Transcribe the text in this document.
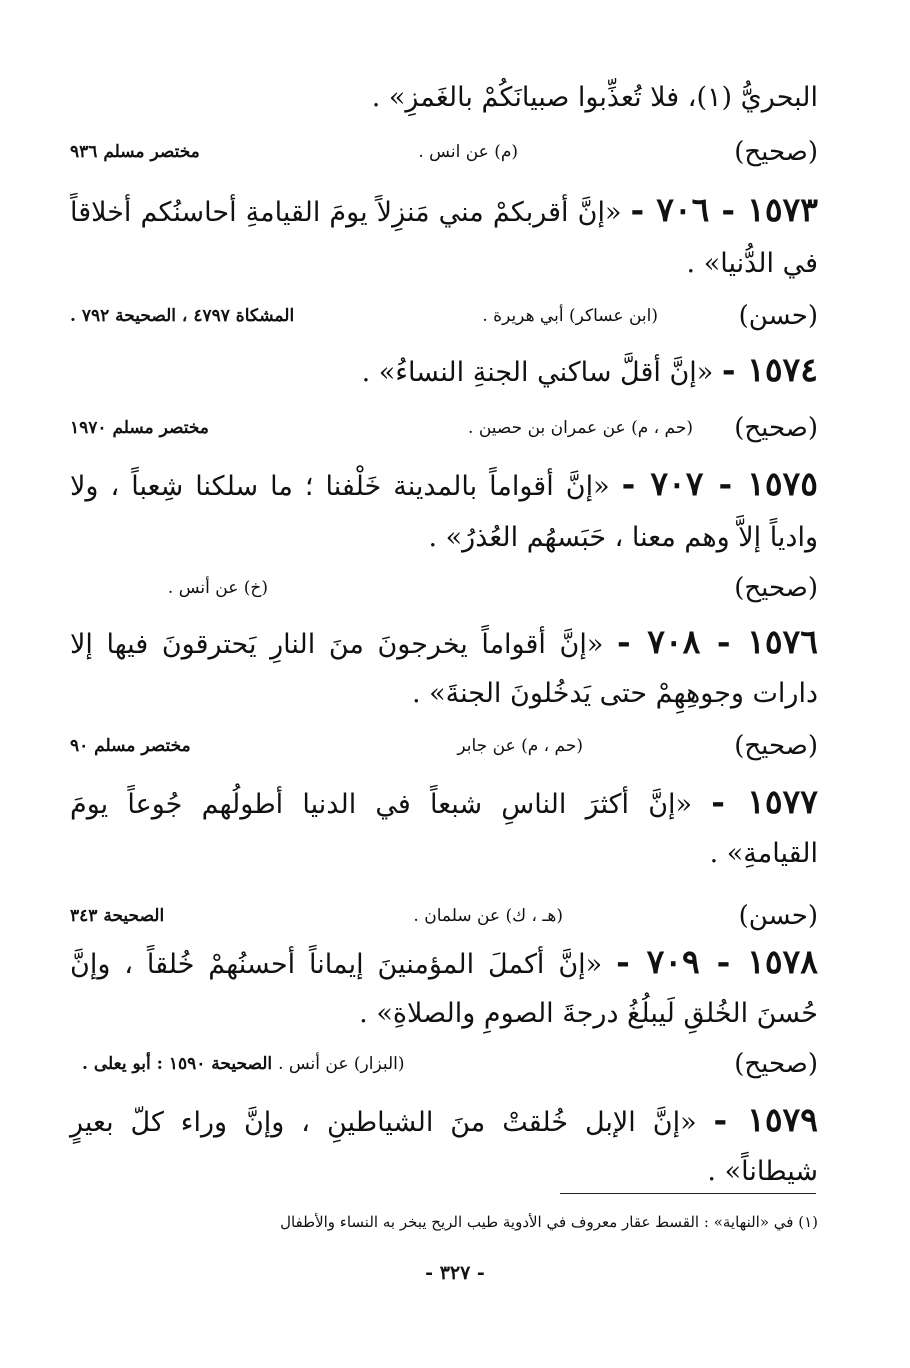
البحريُّ (١)، فلا تُعذِّبوا صبيانَكُمْ بالغَمزِ» .
(صحيح)
(م) عن انس .
مختصر مسلم ٩٣٦
١٥٧٣ - ٧٠٦ - «إنَّ أقربكمْ مني مَنزِلاً يومَ القيامةِ أحاسنُكم أخلاقاً
في الدُّنيا» .
(حسن)
(ابن عساكر) أبي هريرة .
المشكاة ٤٧٩٧ ، الصحيحة ٧٩٢ .
١٥٧٤ - «إنَّ أقلَّ ساكني الجنةِ النساءُ» .
(صحيح)
(حم ، م) عن عمران بن حصين .
مختصر مسلم ١٩٧٠
١٥٧٥ - ٧٠٧ - «إنَّ أقواماً بالمدينة خَلْفنا ؛ ما سلكنا شِعباً ، ولا
وادياً إلاَّ وهم معنا ، حَبَسهُم العُذرُ» .
(صحيح)
(خ) عن أنس .
١٥٧٦ - ٧٠٨ - «إنَّ أقواماً يخرجونَ منَ النارِ يَحترقونَ فيها إلا
دارات وجوهِهِمْ حتى يَدخُلونَ الجنةَ» .
(صحيح)
(حم ، م) عن جابر
مختصر مسلم ٩٠
١٥٧٧ - «إنَّ أكثرَ الناسِ شبعاً في الدنيا أطولُهم جُوعاً يومَ
القيامةِ» .
(حسن)
(هـ ، ك) عن سلمان .
الصحيحة ٣٤٣
١٥٧٨ - ٧٠٩ - «إنَّ أكملَ المؤمنينَ إيماناً أحسنُهمْ خُلقاً ، وإنَّ
حُسنَ الخُلقِ لَيبلُغُ درجةَ الصومِ والصلاةِ» .
(صحيح)
(البزار) عن أنس . الصحيحة ١٥٩٠ : أبو يعلى .
١٥٧٩ - «إنَّ الإبل خُلقتْ منَ الشياطينِ ، وإنَّ وراء كلّ بعيرٍ
شيطاناً» .
(١) في «النهاية» : القسط عقار معروف في الأدوية طيب الريح يبخر به النساء والأطفال
- ٣٢٧ -
